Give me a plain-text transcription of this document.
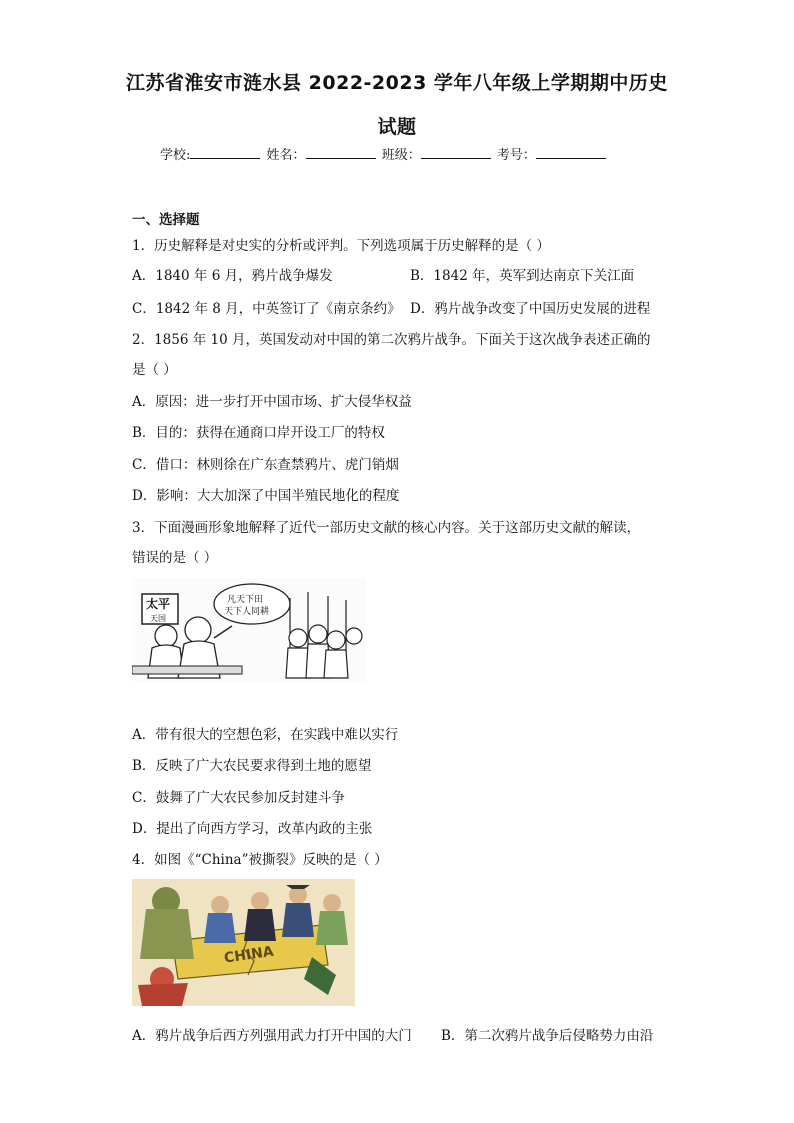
江苏省淮安市涟水县 2022-2023 学年八年级上学期期中历史
试题
学校:	姓名：	班级：	考号：
一、选择题
1．历史解释是对史实的分析或评判。下列选项属于历史解释的是（ ）
A．1840 年 6 月，鸦片战争爆发	B．1842 年，英军到达南京下关江面
C．1842 年 8 月，中英签订了《南京条约》 D．鸦片战争改变了中国历史发展的进程
2．1856 年 10 月，英国发动对中国的第二次鸦片战争。下面关于这次战争表述正确的
是（ ）
A．原因：进一步打开中国市场、扩大侵华权益
B．目的：获得在通商口岸开设工厂的特权
C．借口：林则徐在广东查禁鸦片、虎门销烟
D．影响：大大加深了中国半殖民地化的程度
3．下面漫画形象地解释了近代一部历史文献的核心内容。关于这部历史文献的解读，
错误的是（ ）
太平
天国
凡天下田
天下人同耕
A．带有很大的空想色彩，在实践中难以实行
B．反映了广大农民要求得到土地的愿望
C．鼓舞了广大农民参加反封建斗争
D．提出了向西方学习，改革内政的主张
4．如图《“China”被撕裂》反映的是（ ）
CHINA
A．鸦片战争后西方列强用武力打开中国的大门 B．第二次鸦片战争后侵略势力由沿
